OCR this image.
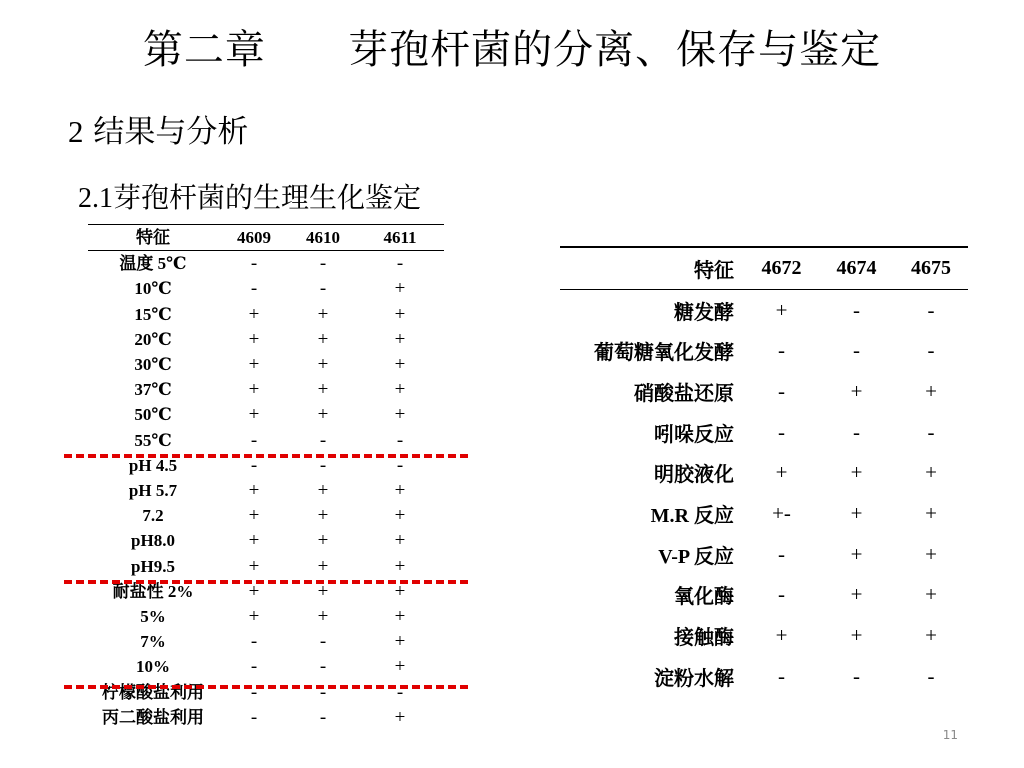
第二章      芽孢杆菌的分离、保存与鉴定
2 结果与分析
2.1芽孢杆菌的生理生化鉴定
特征	4609	4610	4611
温度 5℃	-	-	-
10℃	-	-	+
15℃	+	+	+
20℃	+	+	+
30℃	+	+	+
37℃	+	+	+
50℃	+	+	+
55℃	-	-	-
pH 4.5	-	-	-
pH 5.7	+	+	+
7.2	+	+	+
pH8.0	+	+	+
pH9.5	+	+	+
耐盐性 2%	+	+	+
5%	+	+	+
7%	-	-	+
10%	-	-	+
柠檬酸盐利用	-	-	-
丙二酸盐利用	-	-	+
特征	4672	4674	4675
糖发酵	+	-	-
葡萄糖氧化发酵	-	-	-
硝酸盐还原	-	+	+
吲哚反应	-	-	-
明胶液化	+	+	+
M.R 反应	+-	+	+
V-P 反应	-	+	+
氧化酶	-	+	+
接触酶	+	+	+
淀粉水解	-	-	-
11
